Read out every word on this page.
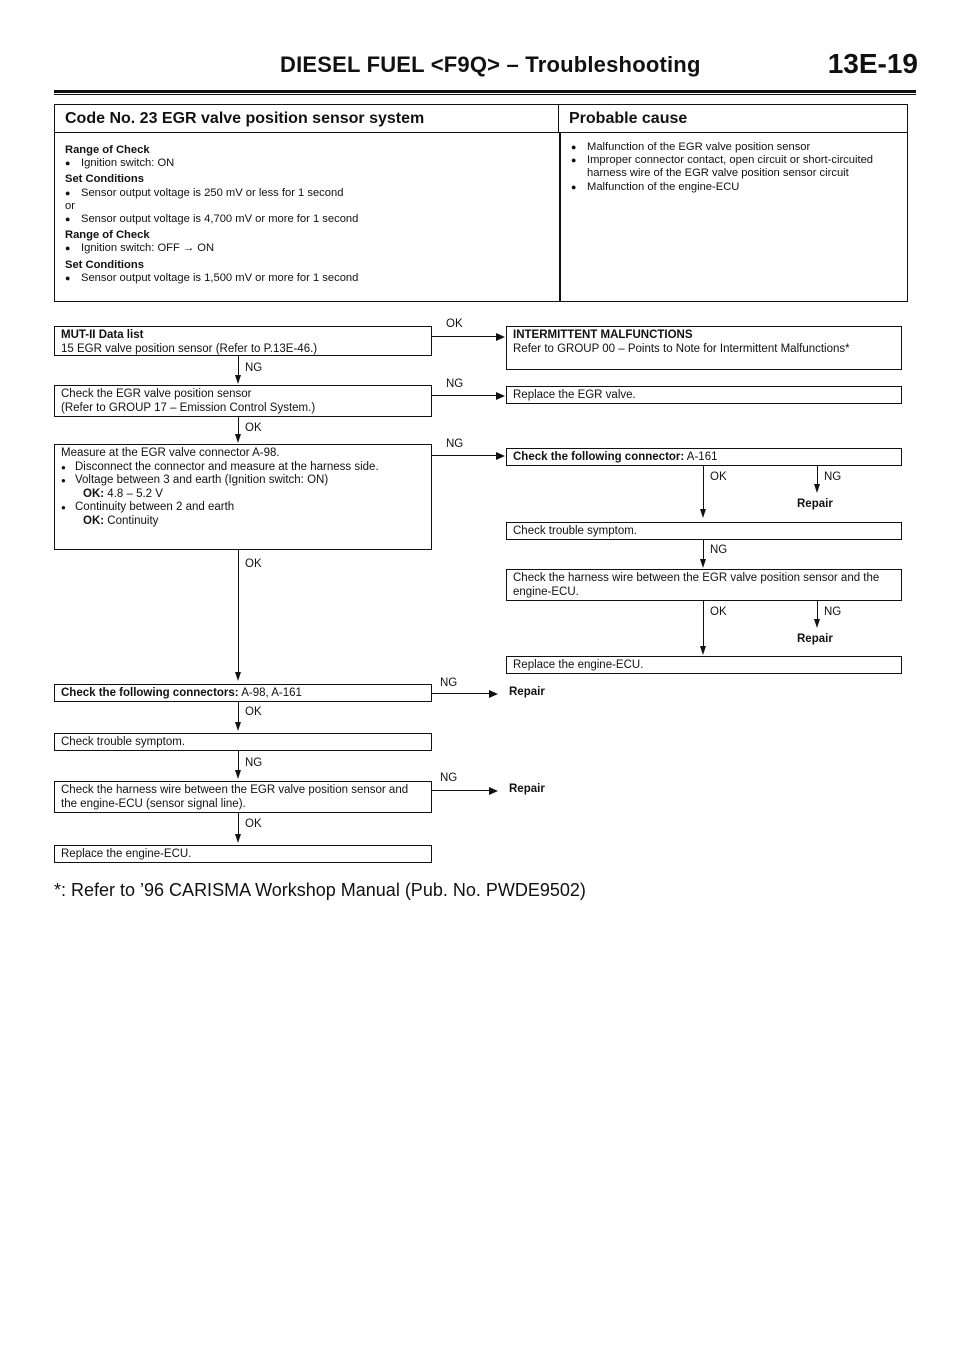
DIESEL FUEL <F9Q> – Troubleshooting	13E-19
Code No. 23 EGR valve position sensor system	Probable cause
Range of Check
● Ignition switch: ON
Set Conditions
● Sensor output voltage is 250 mV or less for 1 second
or
● Sensor output voltage is 4,700 mV or more for 1 second
Range of Check
● Ignition switch: OFF → ON
Set Conditions
● Sensor output voltage is 1,500 mV or more for 1 second
● Malfunction of the EGR valve position sensor
● Improper connector contact, open circuit or short-circuited harness wire of the EGR valve position sensor circuit
● Malfunction of the engine-ECU
MUT-II Data list
15 EGR valve position sensor (Refer to P.13E-46.)
OK
INTERMITTENT MALFUNCTIONS
Refer to GROUP 00 – Points to Note for Intermittent Malfunctions*
NG
Check the EGR valve position sensor
(Refer to GROUP 17 – Emission Control System.)
NG
Replace the EGR valve.
OK
Measure at the EGR valve connector A-98.
● Disconnect the connector and measure at the harness side.
● Voltage between 3 and earth (Ignition switch: ON)
OK: 4.8 – 5.2 V
● Continuity between 2 and earth
OK: Continuity
NG
Check the following connector: A-161
OK	NG
Repair
Check trouble symptom.
NG
Check the harness wire between the EGR valve position sensor and the engine-ECU.
OK	NG
Repair
Replace the engine-ECU.
OK
Check the following connectors: A-98, A-161
NG
Repair
OK
Check trouble symptom.
NG
Check the harness wire between the EGR valve position sensor and the engine-ECU (sensor signal line).
NG
Repair
OK
Replace the engine-ECU.
*: Refer to ’96 CARISMA Workshop Manual (Pub. No. PWDE9502)
